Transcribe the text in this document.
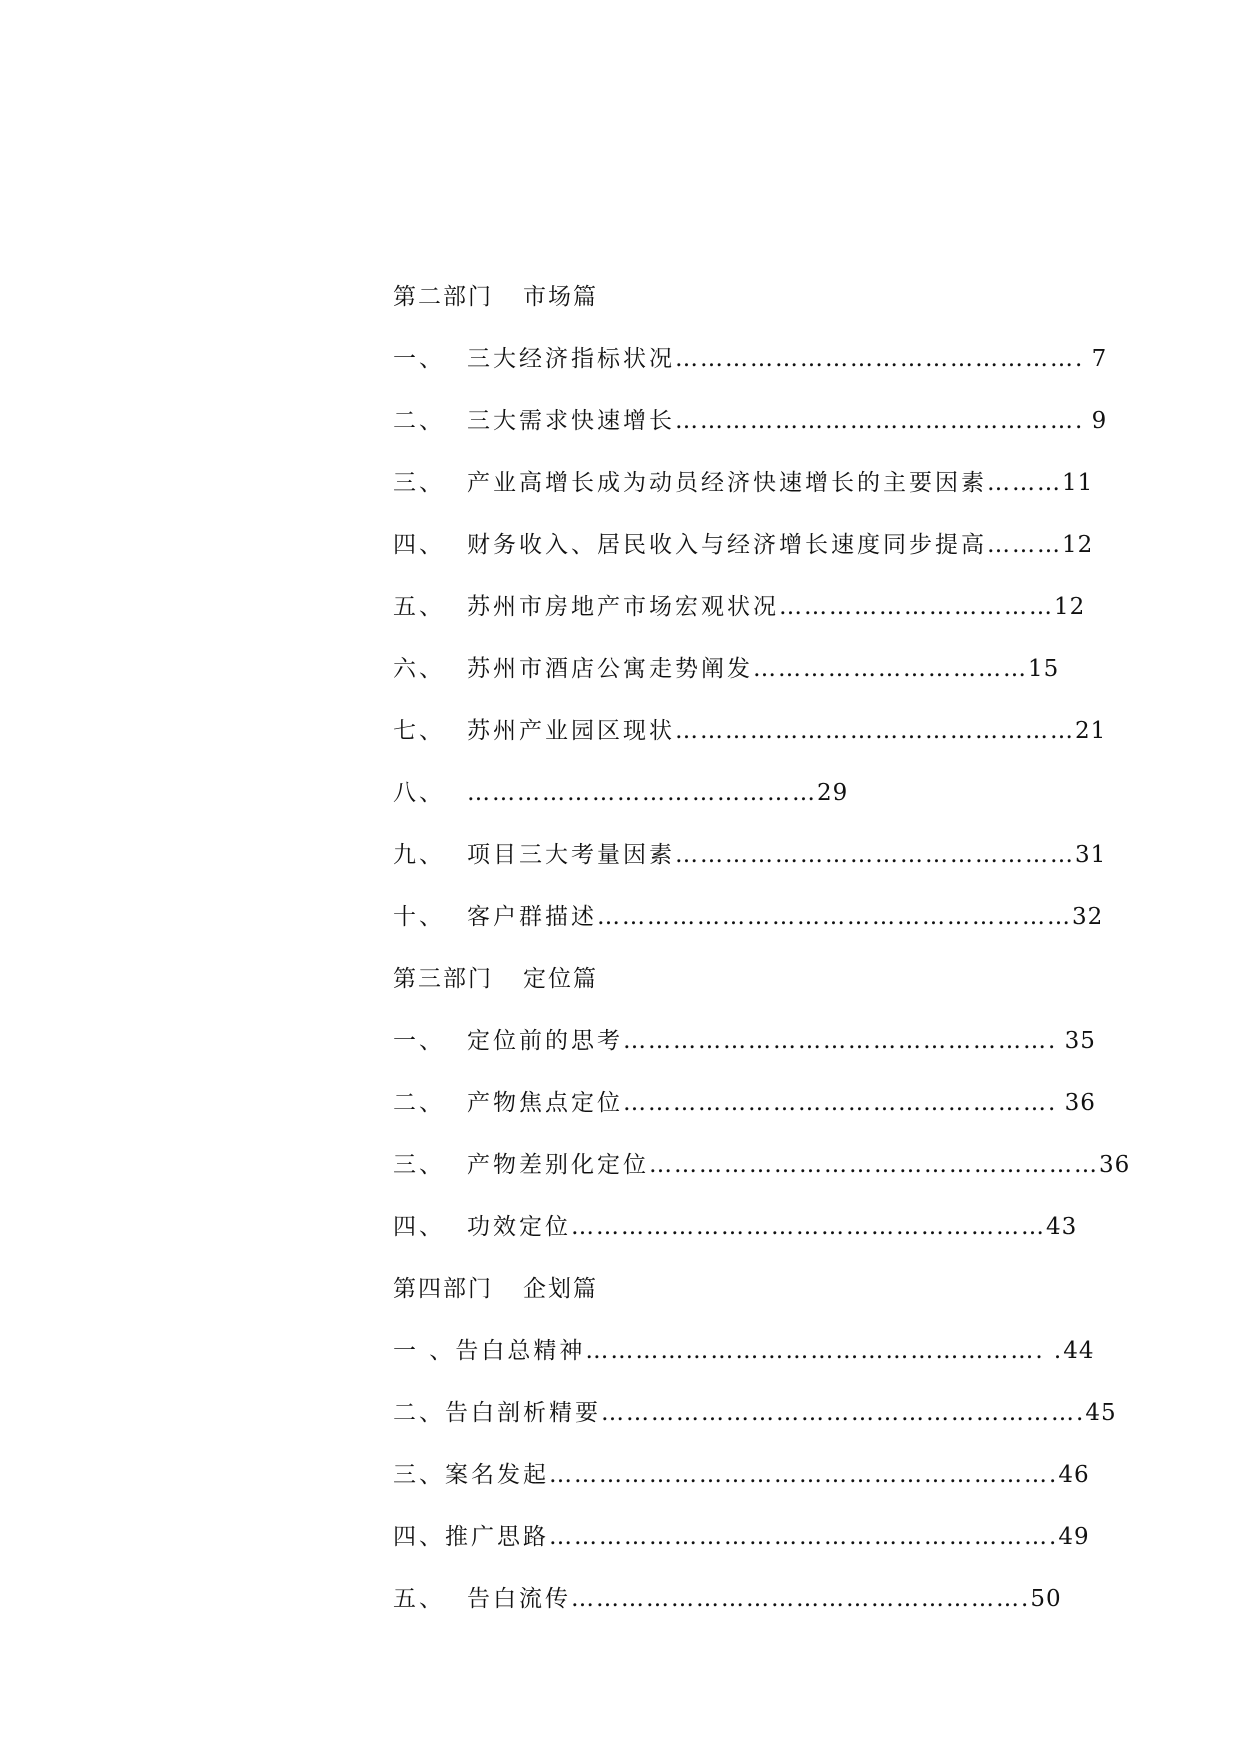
第二部门 市场篇
一、 三大经济指标状况…………………………………………. 7
二、 三大需求快速增长…………………………………………. 9
三、 产业高增长成为动员经济快速增长的主要因素………11
四、 财务收入、居民收入与经济增长速度同步提高………12
五、 苏州市房地产市场宏观状况……………………………12
六、 苏州市酒店公寓走势阐发……………………………15
七、 苏州产业园区现状…………………………………………21
八、 ……………………………………29
九、 项目三大考量因素…………………………………………31
十、 客户群描述…………………………………………………32
第三部门 定位篇
一、 定位前的思考……………………………………………. 35
二、 产物焦点定位……………………………………………. 36
三、 产物差别化定位………………………………………………36
四、 功效定位…………………………………………………43
第四部门 企划篇
一 、告白总精神………………………………………………. .44
二、告白剖析精要………………………………………………….45
三、案名发起…………………………………………………….46
四、推广思路…………………………………………………….49
五、 告白流传……………………………………………….50
